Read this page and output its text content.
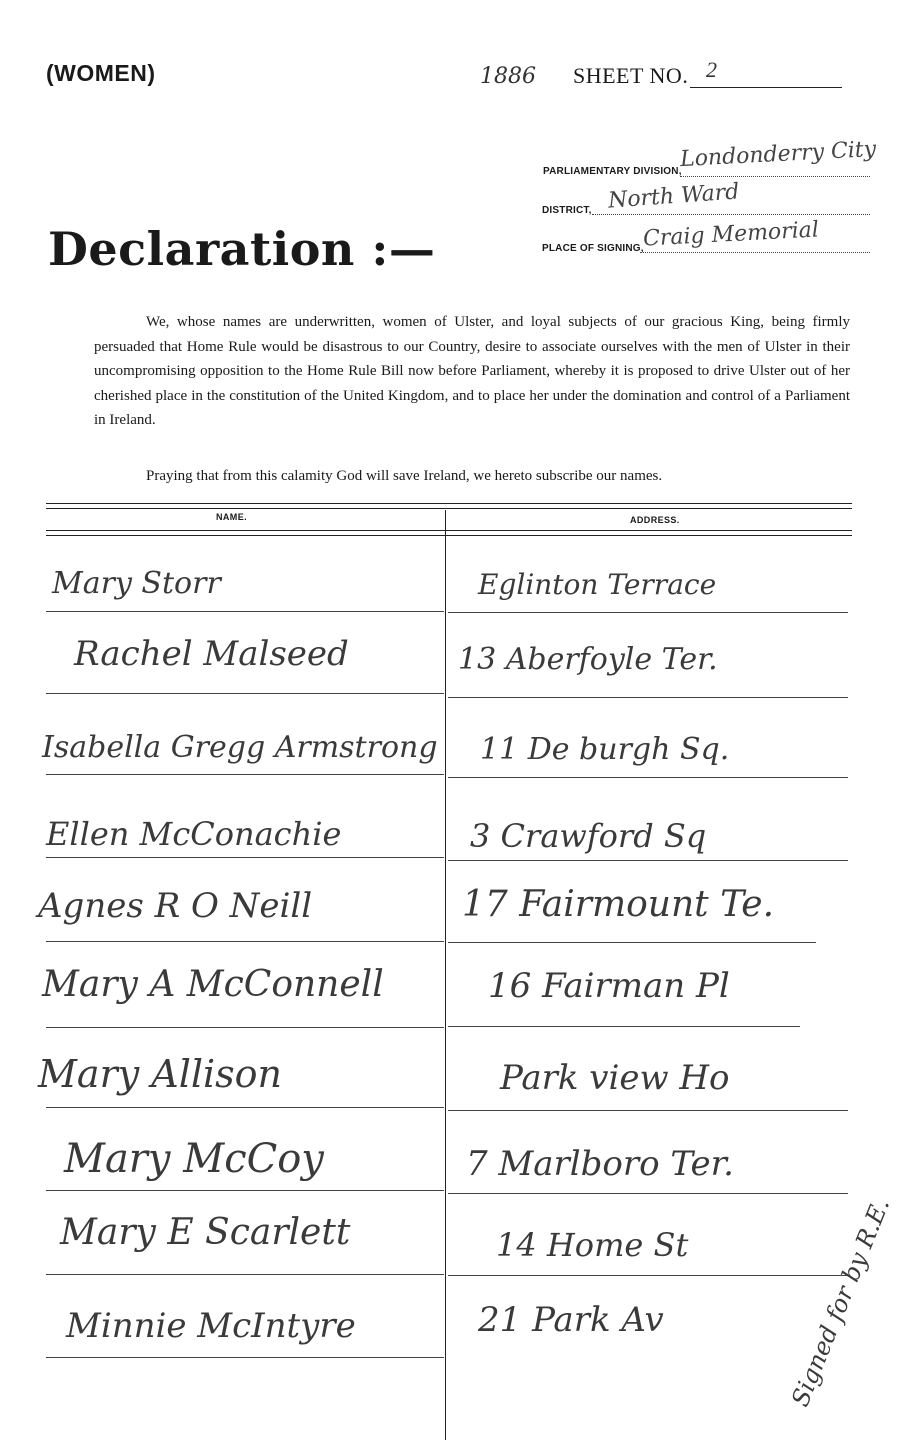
(WOMEN)	1886 SHEET NO. 2
PARLIAMENTARY DIVISION,
Londonderry City
DISTRICT, North Ward
PLACE OF SIGNING,
Craig Memorial
Declaration :—
We, whose names are underwritten, women of Ulster, and loyal subjects of our gracious King, being firmly persuaded that Home Rule would be disastrous to our Country, desire to associate ourselves with the men of Ulster in their uncompromising opposition to the Home Rule Bill now before Parliament, whereby it is proposed to drive Ulster out of her cherished place in the constitution of the United Kingdom, and to place her under the domination and control of a Parliament in Ireland.
Praying that from this calamity God will save Ireland, we hereto subscribe our names.
NAME.	ADDRESS.
Mary Storr	Eglinton Terrace
Rachel Malseed	13 Aberfoyle Ter.
Isabella Gregg Armstrong 11 De burgh Sq.
Ellen McConachie	3 Crawford Sq
Agnes R O Neill	17 Fairmount Te.
Mary A McConnell	16 Fairman Pl
Mary Allison	Park view Ho
Mary McCoy	7 Marlboro Ter.
Mary E Scarlett	14 Home St
Minnie McIntyre	21 Park Av	Signed for by R.E.
